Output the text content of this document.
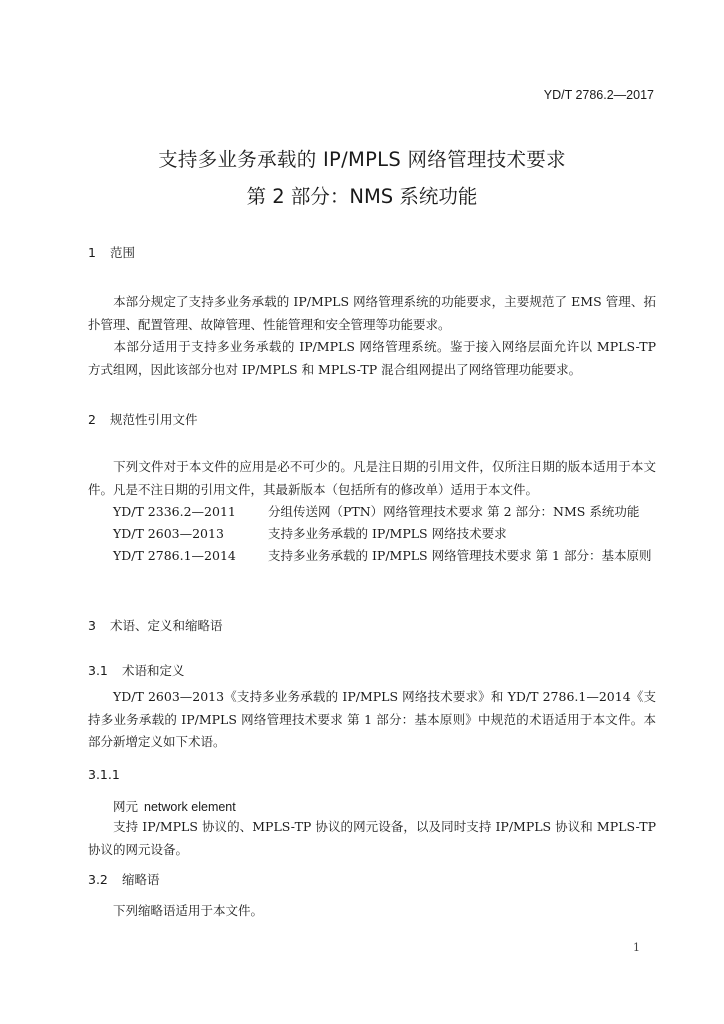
YD/T 2786.2—2017
支持多业务承载的 IP/MPLS 网络管理技术要求
第 2 部分：NMS 系统功能
1 范围
本部分规定了支持多业务承载的 IP/MPLS 网络管理系统的功能要求，主要规范了 EMS 管理、拓扑管理、配置管理、故障管理、性能管理和安全管理等功能要求。
本部分适用于支持多业务承载的 IP/MPLS 网络管理系统。鉴于接入网络层面允许以 MPLS-TP 方式组网，因此该部分也对 IP/MPLS 和 MPLS-TP 混合组网提出了网络管理功能要求。
2 规范性引用文件
下列文件对于本文件的应用是必不可少的。凡是注日期的引用文件，仅所注日期的版本适用于本文件。凡是不注日期的引用文件，其最新版本（包括所有的修改单）适用于本文件。
YD/T 2336.2—2011	分组传送网（PTN）网络管理技术要求 第 2 部分：NMS 系统功能
YD/T 2603—2013	支持多业务承载的 IP/MPLS 网络技术要求
YD/T 2786.1—2014	支持多业务承载的 IP/MPLS 网络管理技术要求 第 1 部分：基本原则
3 术语、定义和缩略语
3.1 术语和定义
YD/T 2603—2013《支持多业务承载的 IP/MPLS 网络技术要求》和 YD/T 2786.1—2014《支持多业务承载的 IP/MPLS 网络管理技术要求 第 1 部分：基本原则》中规范的术语适用于本文件。本部分新增定义如下术语。
3.1.1
网元 network element
支持 IP/MPLS 协议的、MPLS-TP 协议的网元设备，以及同时支持 IP/MPLS 协议和 MPLS-TP 协议的网元设备。
3.2 缩略语
下列缩略语适用于本文件。
1
